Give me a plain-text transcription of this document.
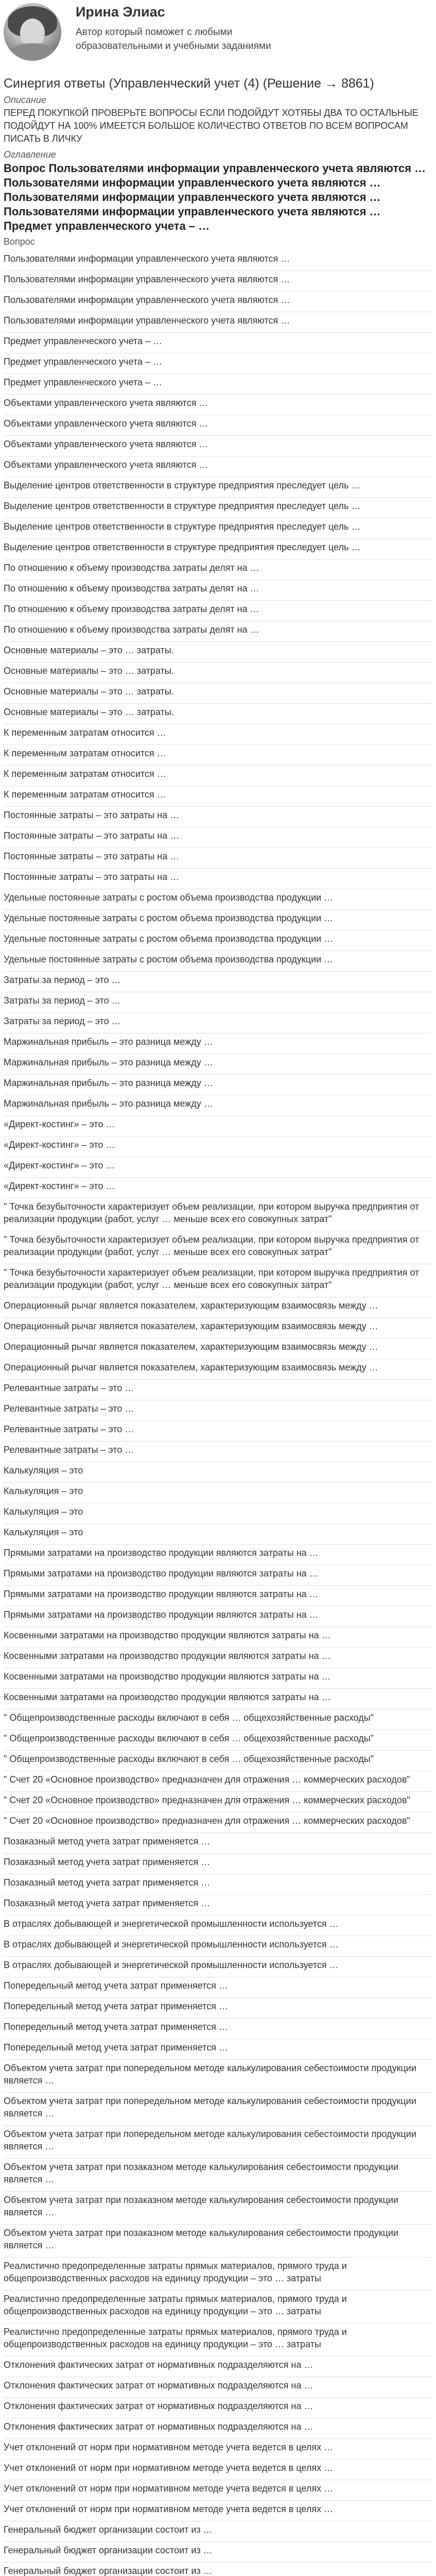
Ирина Элиас
Автор который поможет с любыми образовательными и учебными заданиями
Синергия ответы (Управленческий учет (4) (Решение → 8861)
Описание
ПЕРЕД ПОКУПКОЙ ПРОВЕРЬТЕ ВОПРОСЫ ЕСЛИ ПОДОЙДУТ ХОТЯБЫ ДВА ТО ОСТАЛЬНЫЕ ПОДОЙДУТ НА 100% ИМЕЕТСЯ БОЛЬШОЕ КОЛИЧЕСТВО ОТВЕТОВ ПО ВСЕМ ВОПРОСАМ ПИСАТЬ В ЛИЧКУ
Оглавление
Вопрос Пользователями информации управленческого учета являются … Пользователями информации управленческого учета являются … Пользователями информации управленческого учета являются … Пользователями информации управленческого учета являются … Предмет управленческого учета – …
Вопрос

Пользователями информации управленческого учета являются …

Пользователями информации управленческого учета являются …

Пользователями информации управленческого учета являются …

Пользователями информации управленческого учета являются …

Предмет управленческого учета – …

Предмет управленческого учета – …

Предмет управленческого учета – …

Объектами управленческого учета являются …

Объектами управленческого учета являются …

Объектами управленческого учета являются …

Объектами управленческого учета являются …

Выделение центров ответственности в структуре предприятия преследует цель …

Выделение центров ответственности в структуре предприятия преследует цель …

Выделение центров ответственности в структуре предприятия преследует цель …

Выделение центров ответственности в структуре предприятия преследует цель …

По отношению к объему производства затраты делят на …

По отношению к объему производства затраты делят на …

По отношению к объему производства затраты делят на …

По отношению к объему производства затраты делят на …

Основные материалы – это … затраты.

Основные материалы – это … затраты.

Основные материалы – это … затраты.

Основные материалы – это … затраты.

К переменным затратам относится …

К переменным затратам относится …

К переменным затратам относится …

К переменным затратам относится …

Постоянные затраты – это затраты на …

Постоянные затраты – это затраты на …

Постоянные затраты – это затраты на …

Постоянные затраты – это затраты на …

Удельные постоянные затраты с ростом объема производства продукции …

Удельные постоянные затраты с ростом объема производства продукции …

Удельные постоянные затраты с ростом объема производства продукции …

Удельные постоянные затраты с ростом объема производства продукции …

Затраты за период – это …

Затраты за период – это …

Затраты за период – это …

Маржинальная прибыль – это разница между …

Маржинальная прибыль – это разница между …

Маржинальная прибыль – это разница между …

Маржинальная прибыль – это разница между …

«Директ-костинг» – это …

«Директ-костинг» – это …

«Директ-костинг» – это …

«Директ-костинг» – это …

" Точка безубыточности характеризует объем реализации, при котором выручка предприятия от реализации продукции (работ, услуг … меньше всех его совокупных затрат"

" Точка безубыточности характеризует объем реализации, при котором выручка предприятия от реализации продукции (работ, услуг … меньше всех его совокупных затрат"

" Точка безубыточности характеризует объем реализации, при котором выручка предприятия от реализации продукции (работ, услуг … меньше всех его совокупных затрат"

Операционный рычаг является показателем, характеризующим взаимосвязь между …

Операционный рычаг является показателем, характеризующим взаимосвязь между …

Операционный рычаг является показателем, характеризующим взаимосвязь между …

Операционный рычаг является показателем, характеризующим взаимосвязь между …

Релевантные затраты – это …

Релевантные затраты – это …

Релевантные затраты – это …

Релевантные затраты – это …

Калькуляция – это

Калькуляция – это

Калькуляция – это

Калькуляция – это

Прямыми затратами на производство продукции являются затраты на …

Прямыми затратами на производство продукции являются затраты на …

Прямыми затратами на производство продукции являются затраты на …

Прямыми затратами на производство продукции являются затраты на …

Косвенными затратами на производство продукции являются затраты на …

Косвенными затратами на производство продукции являются затраты на …

Косвенными затратами на производство продукции являются затраты на …

Косвенными затратами на производство продукции являются затраты на …

" Общепроизводственные расходы включают в себя … общехозяйственные расходы"

" Общепроизводственные расходы включают в себя … общехозяйственные расходы"

" Общепроизводственные расходы включают в себя … общехозяйственные расходы"

" Счет 20 «Основное производство» предназначен для отражения … коммерческих расходов"

" Счет 20 «Основное производство» предназначен для отражения … коммерческих расходов"

" Счет 20 «Основное производство» предназначен для отражения … коммерческих расходов"

Позаказный метод учета затрат применяется …

Позаказный метод учета затрат применяется …

Позаказный метод учета затрат применяется …

Позаказный метод учета затрат применяется …

В отраслях добывающей и энергетической промышленности используется …

В отраслях добывающей и энергетической промышленности используется …

В отраслях добывающей и энергетической промышленности используется …

Попередельный метод учета затрат применяется …

Попередельный метод учета затрат применяется …

Попередельный метод учета затрат применяется …

Попередельный метод учета затрат применяется …

Объектом учета затрат при попередельном методе калькулирования себестоимости продукции является …

Объектом учета затрат при попередельном методе калькулирования себестоимости продукции является …

Объектом учета затрат при попередельном методе калькулирования себестоимости продукции является …

Объектом учета затрат при позаказном методе калькулирования себестоимости продукции является …

Объектом учета затрат при позаказном методе калькулирования себестоимости продукции является …

Объектом учета затрат при позаказном методе калькулирования себестоимости продукции является …

Реалистично предопределенные затраты прямых материалов, прямого труда и общепроизводственных расходов на единицу продукции – это … затраты

Реалистично предопределенные затраты прямых материалов, прямого труда и общепроизводственных расходов на единицу продукции – это … затраты

Реалистично предопределенные затраты прямых материалов, прямого труда и общепроизводственных расходов на единицу продукции – это … затраты

Отклонения фактических затрат от нормативных подразделяются на …

Отклонения фактических затрат от нормативных подразделяются на …

Отклонения фактических затрат от нормативных подразделяются на …

Отклонения фактических затрат от нормативных подразделяются на …

Учет отклонений от норм при нормативном методе учета ведется в целях …

Учет отклонений от норм при нормативном методе учета ведется в целях …

Учет отклонений от норм при нормативном методе учета ведется в целях …

Учет отклонений от норм при нормативном методе учета ведется в целях …

Генеральный бюджет организации состоит из …

Генеральный бюджет организации состоит из …

Генеральный бюджет организации состоит из …
